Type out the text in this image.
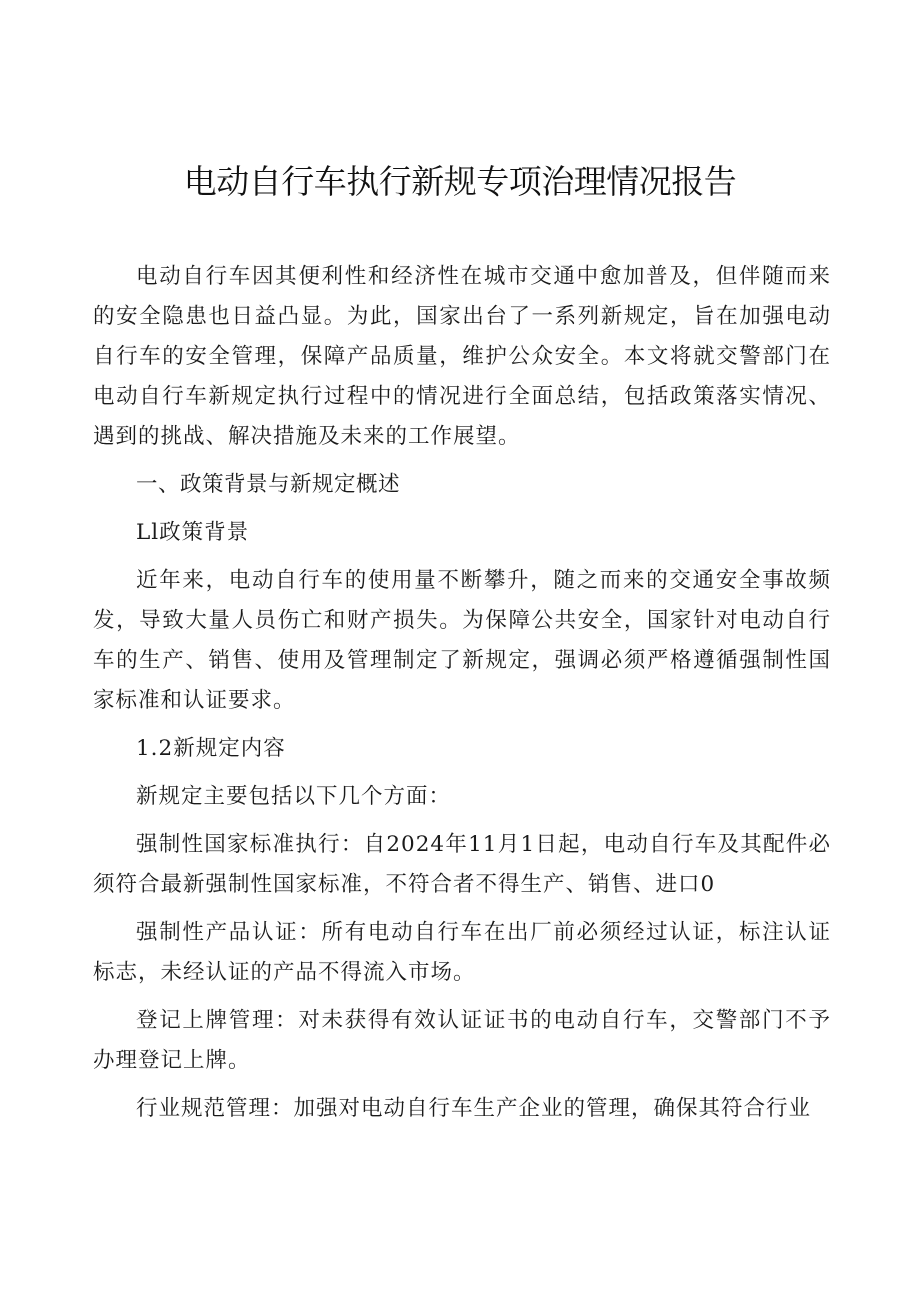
电动自行车执行新规专项治理情况报告

电动自行车因其便利性和经济性在城市交通中愈加普及，但伴随而来的安全隐患也日益凸显。为此，国家出台了一系列新规定，旨在加强电动自行车的安全管理，保障产品质量，维护公众安全。本文将就交警部门在电动自行车新规定执行过程中的情况进行全面总结，包括政策落实情况、遇到的挑战、解决措施及未来的工作展望。

一、政策背景与新规定概述

Ll政策背景

近年来，电动自行车的使用量不断攀升，随之而来的交通安全事故频发，导致大量人员伤亡和财产损失。为保障公共安全，国家针对电动自行车的生产、销售、使用及管理制定了新规定，强调必须严格遵循强制性国家标准和认证要求。

1.2新规定内容

新规定主要包括以下几个方面：

强制性国家标准执行：自2024年11月1日起，电动自行车及其配件必须符合最新强制性国家标准，不符合者不得生产、销售、进口0

强制性产品认证：所有电动自行车在出厂前必须经过认证，标注认证标志，未经认证的产品不得流入市场。

登记上牌管理：对未获得有效认证证书的电动自行车，交警部门不予办理登记上牌。

行业规范管理：加强对电动自行车生产企业的管理，确保其符合行业
